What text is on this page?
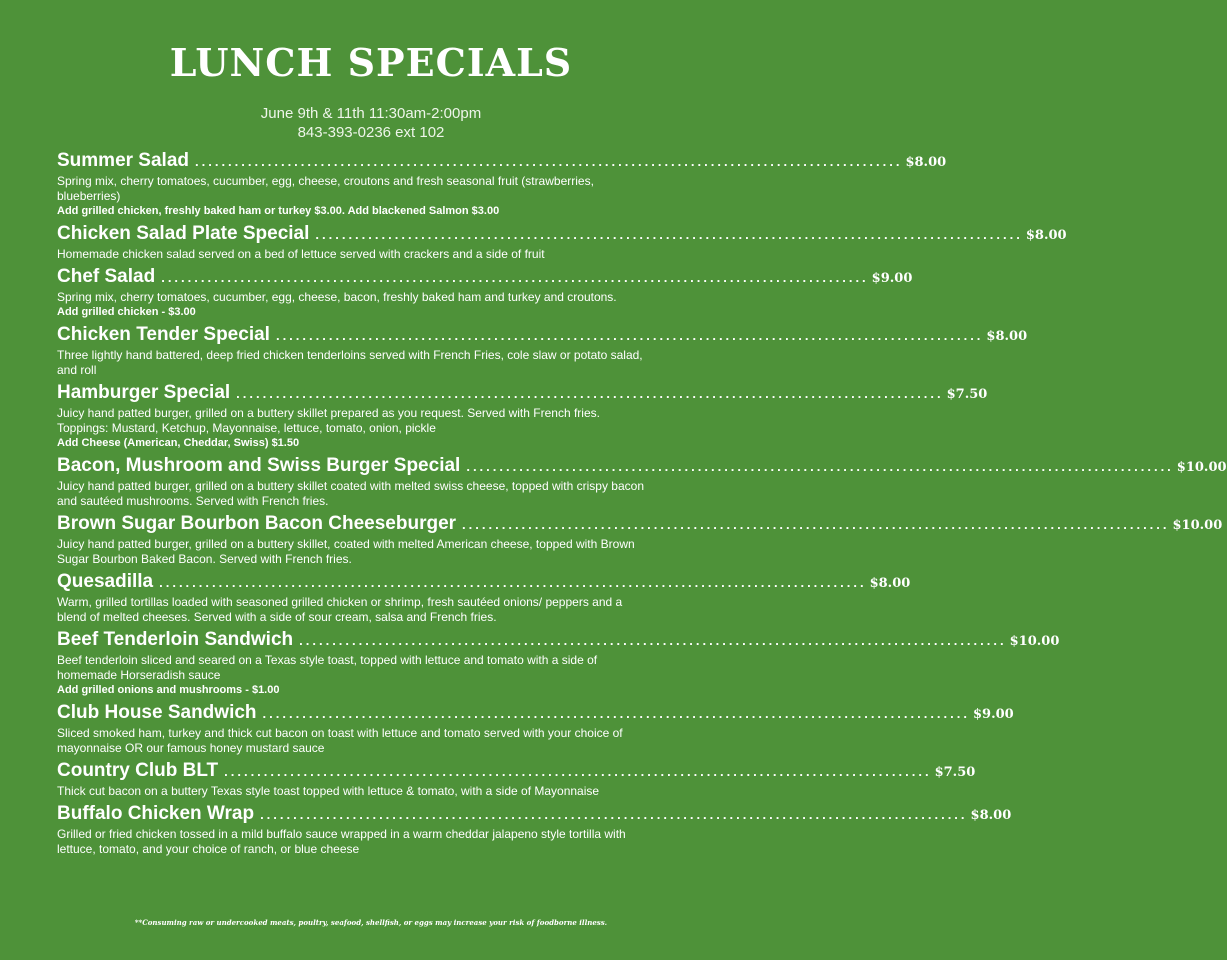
LUNCH SPECIALS
June 9th & 11th 11:30am-2:00pm
843-393-0236 ext 102
Summer Salad ........................................................................................................... $8.00
Spring mix, cherry tomatoes, cucumber, egg, cheese, croutons and fresh seasonal fruit (strawberries, blueberries)
Add grilled chicken, freshly baked ham or turkey $3.00. Add blackened Salmon $3.00
Chicken Salad Plate Special ........................................................................................................... $8.00
Homemade chicken salad served on a bed of lettuce served with crackers and a side of fruit
Chef Salad ........................................................................................................... $9.00
Spring mix, cherry tomatoes, cucumber, egg, cheese, bacon, freshly baked ham and turkey and croutons.
Add grilled chicken - $3.00
Chicken Tender Special ........................................................................................................... $8.00
Three lightly hand battered, deep fried chicken tenderloins served with French Fries, cole slaw or potato salad, and roll
Hamburger Special ........................................................................................................... $7.50
Juicy hand patted burger, grilled on a buttery skillet prepared as you request. Served with French fries. Toppings: Mustard, Ketchup, Mayonnaise, lettuce, tomato, onion, pickle
Add Cheese (American, Cheddar, Swiss) $1.50
Bacon, Mushroom and Swiss Burger Special ........................................................................................................... $10.00
Juicy hand patted burger, grilled on a buttery skillet coated with melted swiss cheese, topped with crispy bacon and sautéed mushrooms. Served with French fries.
Brown Sugar Bourbon Bacon Cheeseburger ........................................................................................................... $10.00
Juicy hand patted burger, grilled on a buttery skillet, coated with melted American cheese, topped with Brown Sugar Bourbon Baked Bacon. Served with French fries.
Quesadilla ........................................................................................................... $8.00
Warm, grilled tortillas loaded with seasoned grilled chicken or shrimp, fresh sautéed onions/ peppers and a blend of melted cheeses. Served with a side of sour cream, salsa and French fries.
Beef Tenderloin Sandwich ........................................................................................................... $10.00
Beef tenderloin sliced and seared on a Texas style toast, topped with lettuce and tomato with a side of homemade Horseradish sauce
Add grilled onions and mushrooms - $1.00
Club House Sandwich ........................................................................................................... $9.00
Sliced smoked ham, turkey and thick cut bacon on toast with lettuce and tomato served with your choice of mayonnaise OR our famous honey mustard sauce
Country Club BLT ........................................................................................................... $7.50
Thick cut bacon on a buttery Texas style toast topped with lettuce & tomato, with a side of Mayonnaise
Buffalo Chicken Wrap ........................................................................................................... $8.00
Grilled or fried chicken tossed in a mild buffalo sauce wrapped in a warm cheddar jalapeno style tortilla with lettuce, tomato, and your choice of ranch, or blue cheese
**Consuming raw or undercooked meats, poultry, seafood, shellfish, or eggs may increase your risk of foodborne illness.
